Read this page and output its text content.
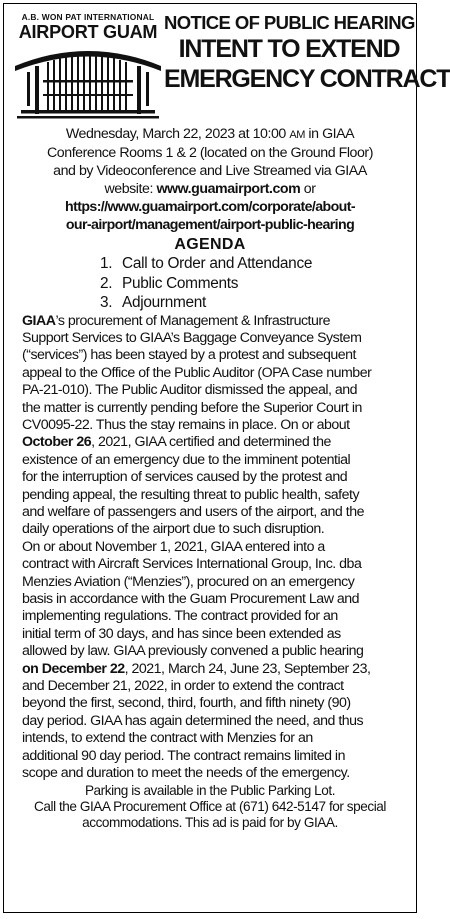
A.B. WON PAT INTERNATIONAL
AIRPORT GUAM NOTICE OF PUBLIC HEARING
INTENT TO EXTEND
EMERGENCY CONTRACT
Wednesday, March 22, 2023 at 10:00 AM in GIAA
Conference Rooms 1 & 2 (located on the Ground Floor)
and by Videoconference and Live Streamed via GIAA
website: www.guamairport.com or
https://www.guamairport.com/corporate/about-
our-airport/management/airport-public-hearing
AGENDA
1. Call to Order and Attendance
2. Public Comments
3. Adjournment
GIAA’s procurement of Management & Infrastructure
Support Services to GIAA’s Baggage Conveyance System
(“services”) has been stayed by a protest and subsequent
appeal to the Office of the Public Auditor (OPA Case number
PA-21-010). The Public Auditor dismissed the appeal, and
the matter is currently pending before the Superior Court in
CV0095-22. Thus the stay remains in place. On or about
October 26, 2021, GIAA certified and determined the
existence of an emergency due to the imminent potential
for the interruption of services caused by the protest and
pending appeal, the resulting threat to public health, safety
and welfare of passengers and users of the airport, and the
daily operations of the airport due to such disruption.
On or about November 1, 2021, GIAA entered into a
contract with Aircraft Services International Group, Inc. dba
Menzies Aviation (“Menzies”), procured on an emergency
basis in accordance with the Guam Procurement Law and
implementing regulations. The contract provided for an
initial term of 30 days, and has since been extended as
allowed by law. GIAA previously convened a public hearing
on December 22, 2021, March 24, June 23, September 23,
and December 21, 2022, in order to extend the contract
beyond the first, second, third, fourth, and fifth ninety (90)
day period. GIAA has again determined the need, and thus
intends, to extend the contract with Menzies for an
additional 90 day period. The contract remains limited in
scope and duration to meet the needs of the emergency.
Parking is available in the Public Parking Lot.
Call the GIAA Procurement Office at (671) 642-5147 for special
accommodations. This ad is paid for by GIAA.
